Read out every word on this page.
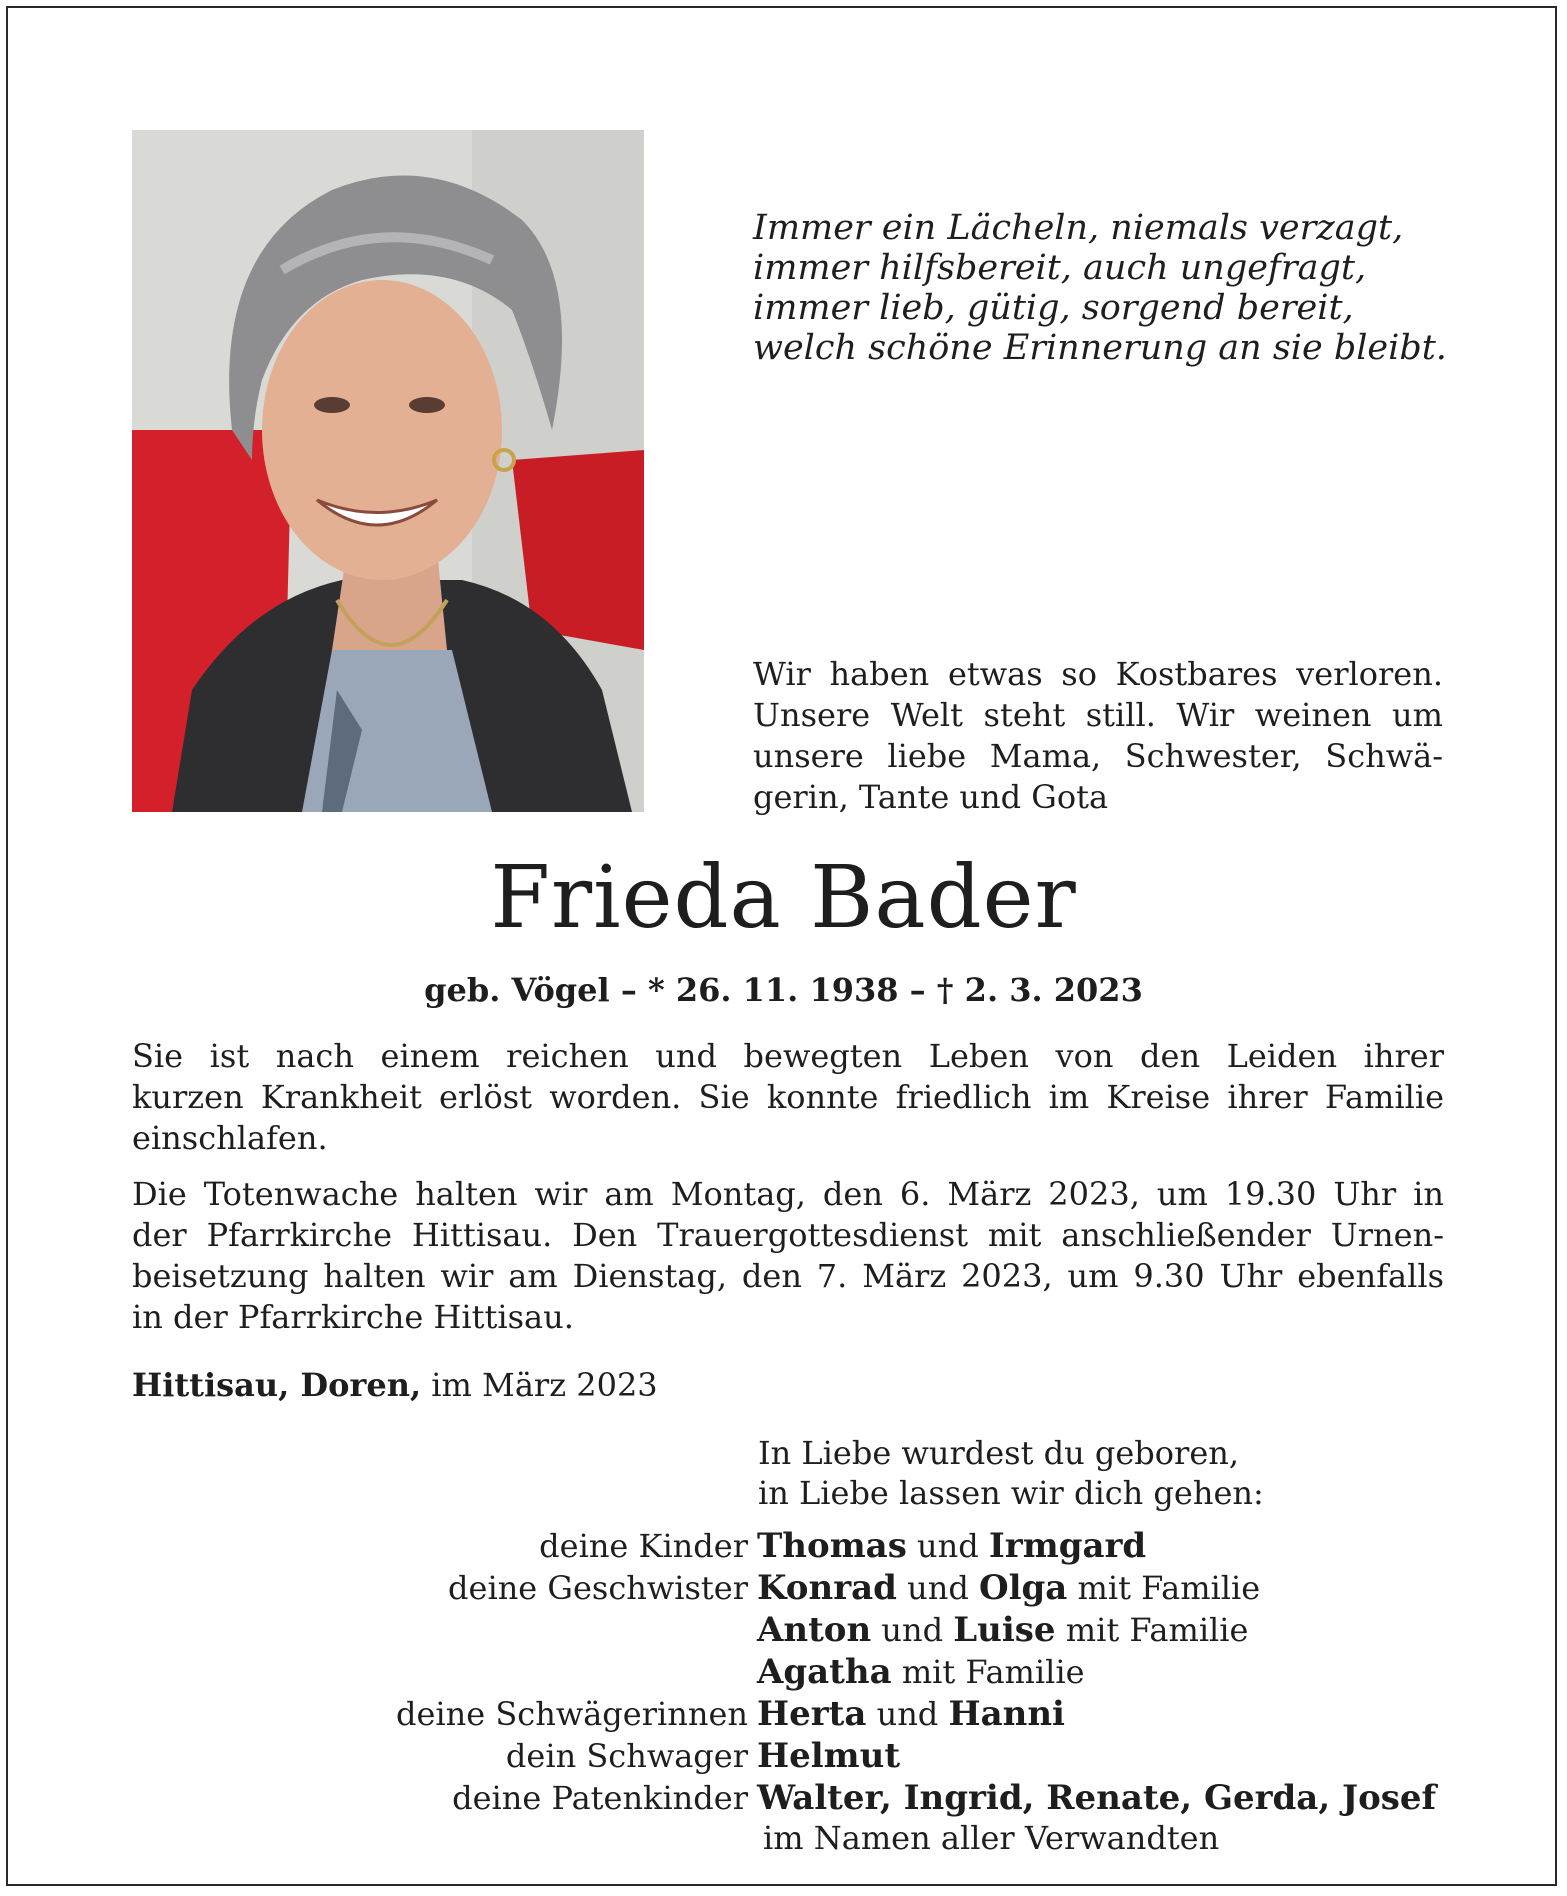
Immer ein Lächeln, niemals verzagt,
immer hilfsbereit, auch ungefragt,
immer lieb, gütig, sorgend bereit,
welch schöne Erinnerung an sie bleibt.
Wir haben etwas so Kostbares verloren.
Unsere Welt steht still. Wir weinen um
unsere liebe Mama, Schwester, Schwä-
gerin, Tante und Gota
Frieda Bader
geb. Vögel – * 26. 11. 1938 – † 2. 3. 2023
Sie ist nach einem reichen und bewegten Leben von den Leiden ihrer
kurzen Krankheit erlöst worden. Sie konnte friedlich im Kreise ihrer Familie
einschlafen.
Die Totenwache halten wir am Montag, den 6. März 2023, um 19.30 Uhr in
der Pfarrkirche Hittisau. Den Trauergottesdienst mit anschließender Urnen-
beisetzung halten wir am Dienstag, den 7. März 2023, um 9.30 Uhr ebenfalls
in der Pfarrkirche Hittisau.
Hittisau, Doren, im März 2023
In Liebe wurdest du geboren,
in Liebe lassen wir dich gehen:
deine Kinder Thomas und Irmgard
deine Geschwister Konrad und Olga mit Familie
Anton und Luise mit Familie
Agatha mit Familie
deine Schwägerinnen Herta und Hanni
dein Schwager Helmut
deine Patenkinder Walter, Ingrid, Renate, Gerda, Josef
im Namen aller Verwandten
